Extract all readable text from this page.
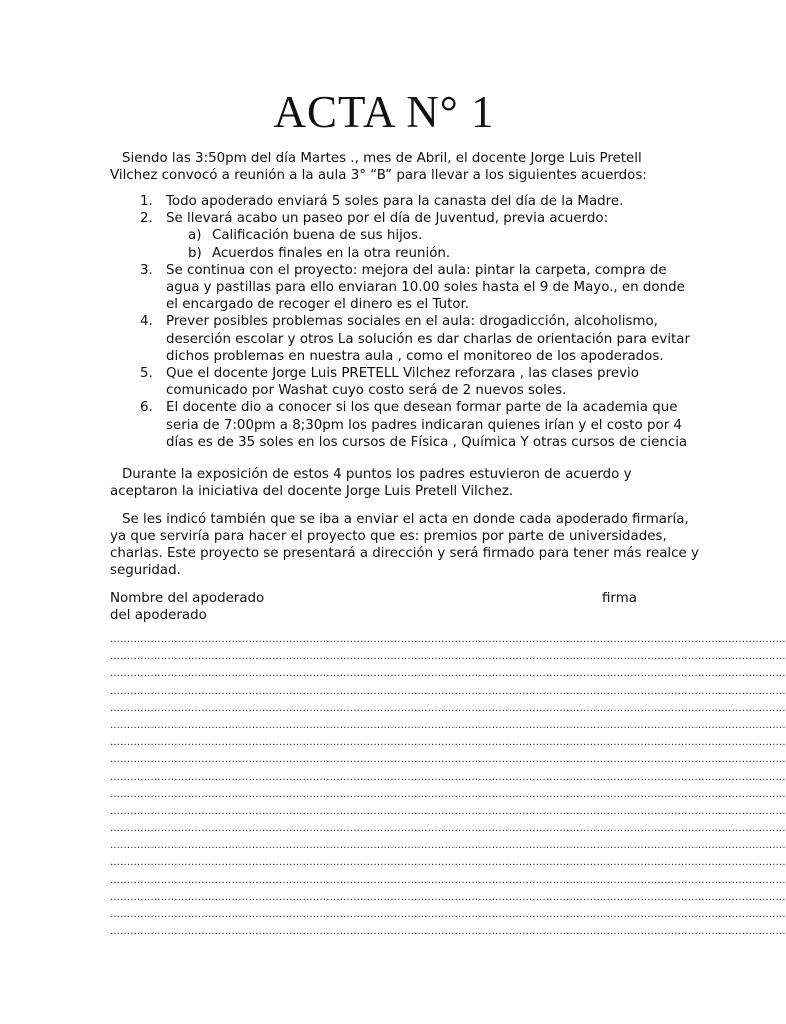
ACTA N° 1

Siendo las 3:50pm del día Martes ., mes de Abril, el docente Jorge Luis Pretell
Vilchez convocó a reunión a la aula 3° “B” para llevar a los siguientes acuerdos:

1. Todo apoderado enviará 5 soles para la canasta del día de la Madre.
2. Se llevará acabo un paseo por el día de Juventud, previa acuerdo:
a) Calificación buena de sus hijos.
b) Acuerdos finales en la otra reunión.
3. Se continua con el proyecto: mejora del aula: pintar la carpeta, compra de
agua y pastillas para ello enviaran 10.00 soles hasta el 9 de Mayo., en donde
el encargado de recoger el dinero es el Tutor.
4. Prever posibles problemas sociales en el aula: drogadicción, alcoholismo,
deserción escolar y otros La solución es dar charlas de orientación para evitar
dichos problemas en nuestra aula , como el monitoreo de los apoderados.
5. Que el docente Jorge Luis PRETELL Vilchez reforzara , las clases previo
comunicado por Washat cuyo costo será de 2 nuevos soles.
6. El docente dio a conocer si los que desean formar parte de la academia que
seria de 7:00pm a 8;30pm los padres indicaran quienes irían y el costo por 4
días es de 35 soles en los cursos de Física , Química Y otras cursos de ciencia

Durante la exposición de estos 4 puntos los padres estuvieron de acuerdo y
aceptaron la iniciativa del docente Jorge Luis Pretell Vilchez.

Se les indicó también que se iba a enviar el acta en donde cada apoderado firmaría,
ya que serviría para hacer el proyecto que es: premios por parte de universidades,
charlas. Este proyecto se presentará a dirección y será firmado para tener más realce y
seguridad.

Nombre del apoderado	firma
del apoderado
........................................................................................................................................................................................................
........................................................................................................................................................................................................
........................................................................................................................................................................................................
........................................................................................................................................................................................................
........................................................................................................................................................................................................
........................................................................................................................................................................................................
........................................................................................................................................................................................................
........................................................................................................................................................................................................
........................................................................................................................................................................................................
........................................................................................................................................................................................................
........................................................................................................................................................................................................
........................................................................................................................................................................................................
........................................................................................................................................................................................................
........................................................................................................................................................................................................
........................................................................................................................................................................................................
........................................................................................................................................................................................................
........................................................................................................................................................................................................
........................................................................................................................................................................................................
